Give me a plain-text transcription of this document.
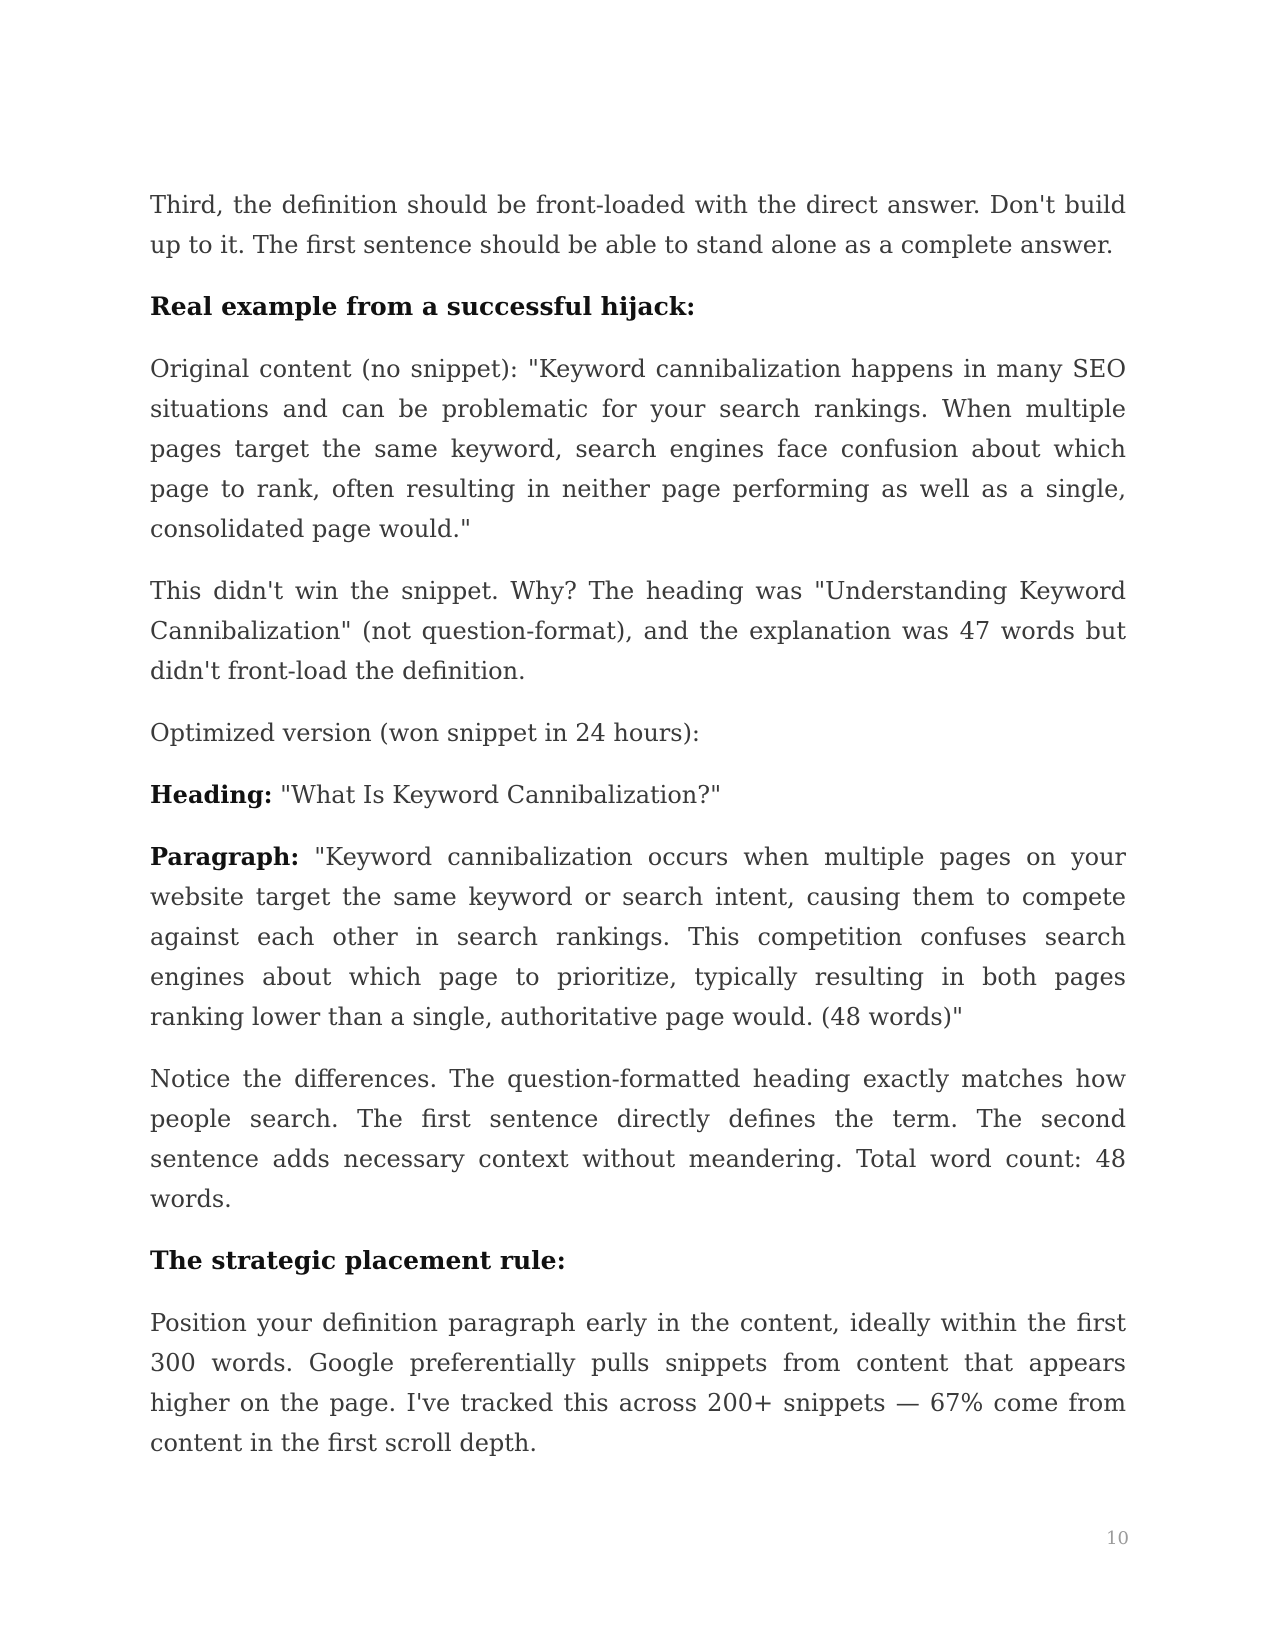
Third, the definition should be front-loaded with the direct answer. Don't build up to it. The first sentence should be able to stand alone as a complete answer.

Real example from a successful hijack:

Original content (no snippet): "Keyword cannibalization happens in many SEO situations and can be problematic for your search rankings. When multiple pages target the same keyword, search engines face confusion about which page to rank, often resulting in neither page performing as well as a single, consolidated page would."

This didn't win the snippet. Why? The heading was "Understanding Keyword Cannibalization" (not question-format), and the explanation was 47 words but didn't front-load the definition.

Optimized version (won snippet in 24 hours):

Heading: "What Is Keyword Cannibalization?"

Paragraph: "Keyword cannibalization occurs when multiple pages on your website target the same keyword or search intent, causing them to compete against each other in search rankings. This competition confuses search engines about which page to prioritize, typically resulting in both pages ranking lower than a single, authoritative page would. (48 words)"

Notice the differences. The question-formatted heading exactly matches how people search. The first sentence directly defines the term. The second sentence adds necessary context without meandering. Total word count: 48 words.

The strategic placement rule:

Position your definition paragraph early in the content, ideally within the first 300 words. Google preferentially pulls snippets from content that appears higher on the page. I've tracked this across 200+ snippets — 67% come from content in the first scroll depth.

10
